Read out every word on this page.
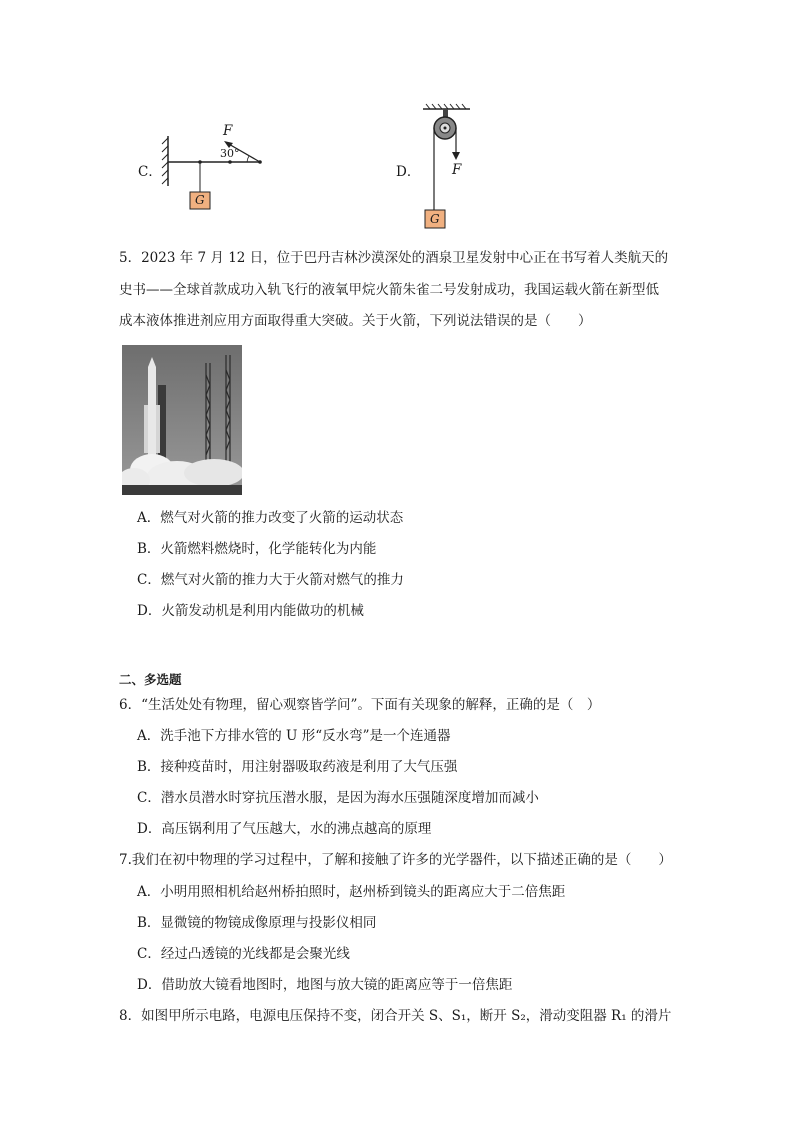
C．
F
30°
G
D． F
G
5．2023 年 7 月 12 日，位于巴丹吉林沙漠深处的酒泉卫星发射中心正在书写着人类航天的
史书——全球首款成功入轨飞行的液氧甲烷火箭朱雀二号发射成功，我国运载火箭在新型低
成本液体推进剂应用方面取得重大突破。关于火箭，下列说法错误的是（　　）
A．燃气对火箭的推力改变了火箭的运动状态
B．火箭燃料燃烧时，化学能转化为内能
C．燃气对火箭的推力大于火箭对燃气的推力
D．火箭发动机是利用内能做功的机械
二、多选题
6．“生活处处有物理，留心观察皆学问”。下面有关现象的解释，正确的是（　）
A．洗手池下方排水管的 U 形“反水弯”是一个连通器
B．接种疫苗时，用注射器吸取药液是利用了大气压强
C．潜水员潜水时穿抗压潜水服，是因为海水压强随深度增加而减小
D．高压锅利用了气压越大，水的沸点越高的原理
7.我们在初中物理的学习过程中，了解和接触了许多的光学器件，以下描述正确的是（　　）
A．小明用照相机给赵州桥拍照时，赵州桥到镜头的距离应大于二倍焦距
B．显微镜的物镜成像原理与投影仪相同
C．经过凸透镜的光线都是会聚光线
D．借助放大镜看地图时，地图与放大镜的距离应等于一倍焦距
8．如图甲所示电路，电源电压保持不变，闭合开关 S、S₁，断开 S₂，滑动变阻器 R₁ 的滑片
